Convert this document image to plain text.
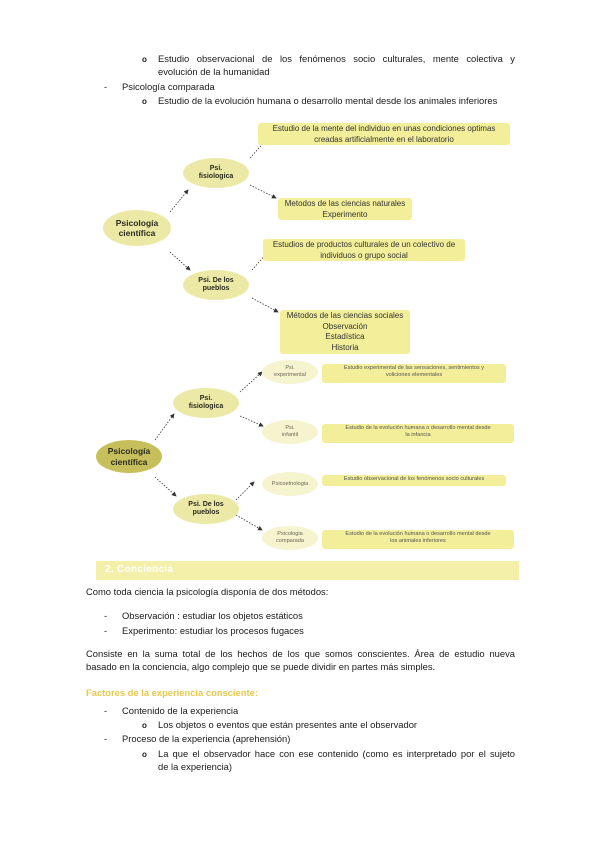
o Estudio observacional de los fenómenos socio culturales, mente colectiva y
evolución de la humanidad
- Psicología comparada
o Estudio de la evolución humana o desarrollo mental desde los animales inferiores
Psicología
científica
Psi.
fisiologica
Psi. De los
pueblos
Estudio de la mente del individuo en unas condiciones optimas
creadas artificialmente en el laboratorio
Metodos de las ciencias naturales
Experimento
Estudios de productos culturales de un colectivo de
individuos o grupo social
Métodos de las ciencias sociales
Observación
Estadística
Historia
Psicología
científica
Psi.
fisiologica
Psi. De los
pueblos
Psi.
experimental
Psi.
infantil
Psicoetnologia
Psicologia
comparada
Estudio experimental de las sensaciones, sentimientos y
voliciones elementales
Estudio de la evolución humana o desarrollo mental desde
la infancia
Estudio observacional de los fenómenos socio culturales
Estudio de la evolución humana o desarrollo mental desde
los animales inferiores
2. Conciencia
Como toda ciencia la psicología disponía de dos métodos:
- Observación : estudiar los objetos estáticos
- Experimento: estudiar los procesos fugaces
Consiste en la suma total de los hechos de los que somos conscientes. Área de estudio nueva
basado en la conciencia, algo complejo que se puede dividir en partes más simples.
Factores de la experiencia consciente:
- Contenido de la experiencia
o Los objetos o eventos que están presentes ante el observador
- Proceso de la experiencia (aprehensión)
o La que el observador hace con ese contenido (como es interpretado por el sujeto
de la experiencia)
